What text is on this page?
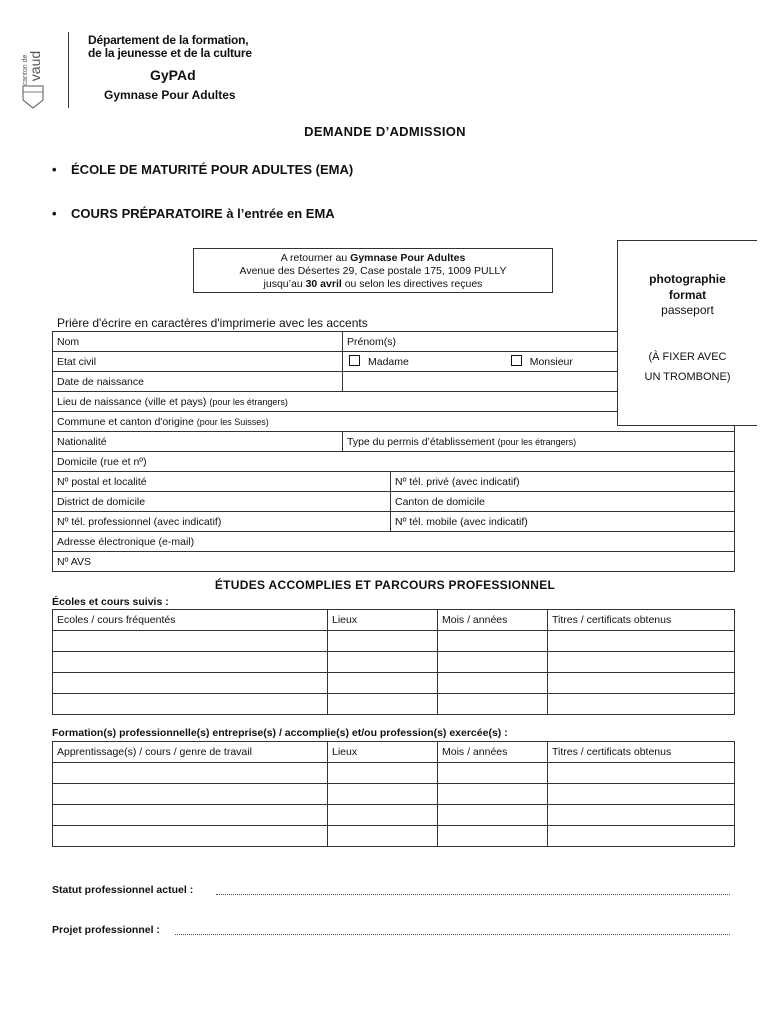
canton de
vaud
Département de la formation,
de la jeunesse et de la culture
GyPAd
Gymnase Pour Adultes
DEMANDE D’ADMISSION
• ÉCOLE DE MATURITÉ POUR ADULTES (EMA)
• COURS PRÉPARATOIRE à l’entrée en EMA
A retourner au Gymnase Pour Adultes
Avenue des Désertes 29, Case postale 175, 1009 PULLY
jusqu’au 30 avril ou selon les directives reçues	photographie
format
passeport
(À FIXER AVEC
UN TROMBONE)
Prière d'écrire en caractères d'imprimerie avec les accents
Nom	Prénom(s)	
Etat civil	Madame Monsieur	
Date de naissance		
Lieu de naissance (ville et pays) (pour les étrangers)		
Commune et canton d'origine (pour les Suisses)		
Nationalité	Type du permis d’établissement (pour les étrangers)	
Domicile (rue et nº)		
Nº postal et localité		Nº tél. privé (avec indicatif)
District de domicile		Canton de domicile
Nº tél. professionnel (avec indicatif)		Nº tél. mobile (avec indicatif)
Adresse électronique (e-mail)		
Nº AVS		
ÉTUDES ACCOMPLIES ET PARCOURS PROFESSIONNEL
Écoles et cours suivis :
Ecoles / cours fréquentés	Lieux	Mois / années	Titres / certificats obtenus

Formation(s) professionnelle(s) entreprise(s) / accomplie(s) et/ou profession(s) exercée(s) :
Apprentissage(s) / cours / genre de travail	Lieux	Mois / années	Titres / certificats obtenus

Statut professionnel actuel :
Projet professionnel :
